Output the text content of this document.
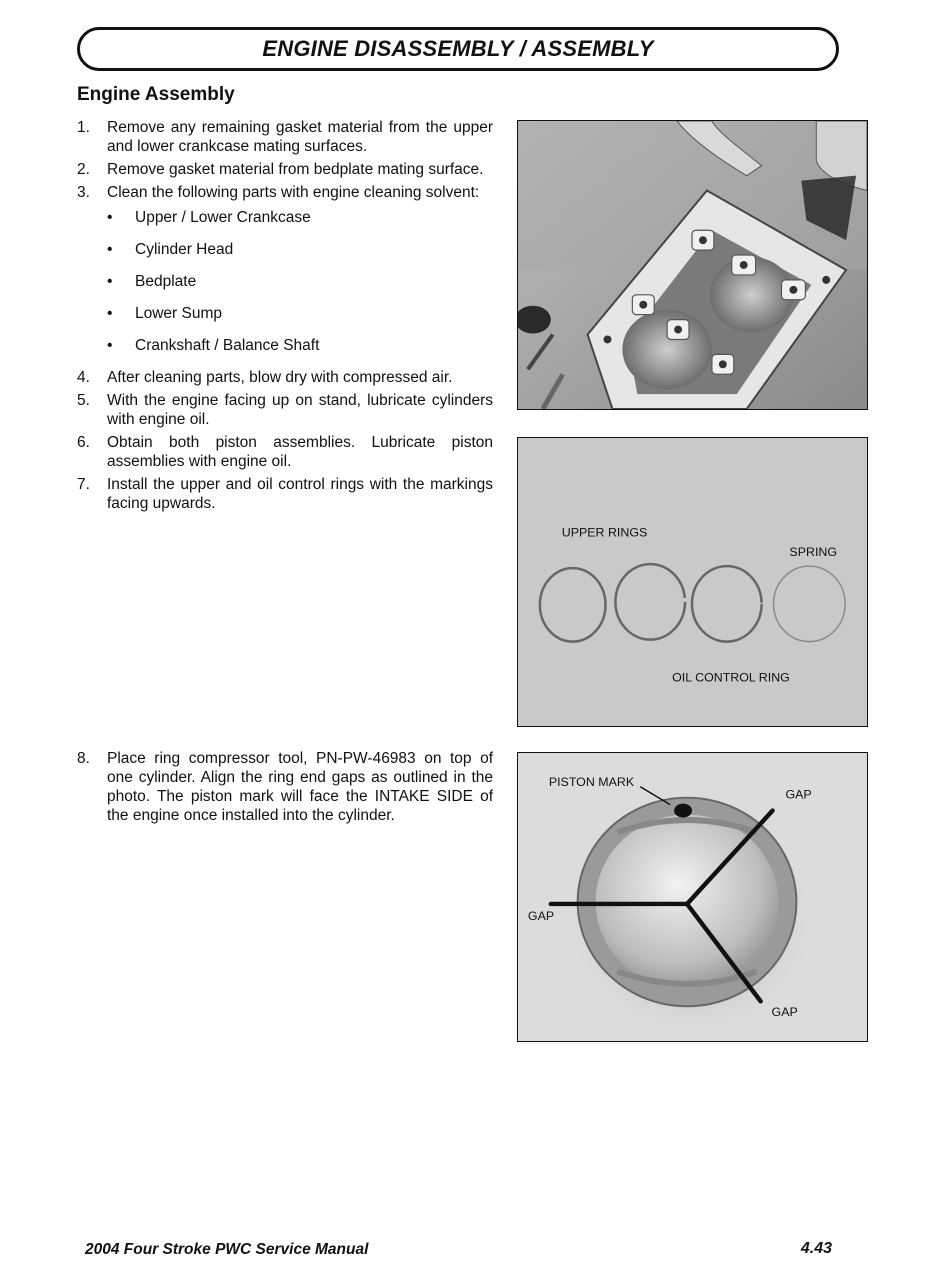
ENGINE DISASSEMBLY / ASSEMBLY
Engine Assembly
1. Remove any remaining gasket material from the upper and lower crankcase mating surfaces.
2. Remove gasket material from bedplate mating surface.
3. Clean the following parts with engine cleaning solvent:
• Upper / Lower Crankcase
• Cylinder Head
• Bedplate
• Lower Sump
• Crankshaft / Balance Shaft
4. After cleaning parts, blow dry with compressed air.
5. With the engine facing up on stand, lubricate cylinders with engine oil.
6. Obtain both piston assemblies. Lubricate piston assemblies with engine oil.
7. Install the upper and oil control rings with the markings facing upwards.
8. Place ring compressor tool, PN-PW-46983 on top of one cylinder. Align the ring end gaps as outlined in the photo. The piston mark will face the INTAKE SIDE of the engine once installed into the cylinder.
UPPER RINGS
SPRING
OIL CONTROL RING
PISTON MARK
GAP
GAP
GAP
2004 Four Stroke PWC Service Manual	4.43
